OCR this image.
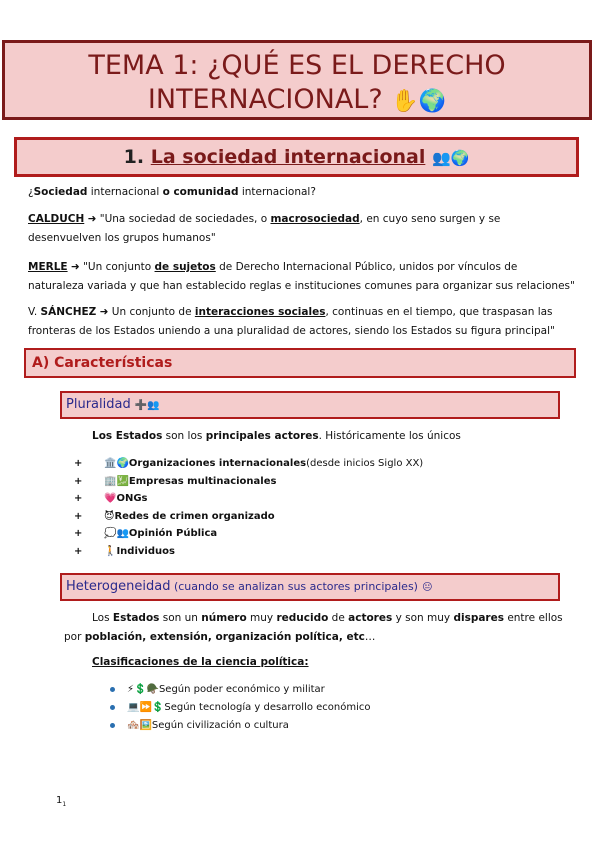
TEMA 1: ¿QUÉ ES EL DERECHO
INTERNACIONAL? ✋🌍
1. La sociedad internacional 👥🌍
¿Sociedad internacional o comunidad internacional?
CALDUCH ➜ "Una sociedad de sociedades, o macrosociedad, en cuyo seno surgen y se desenvuelven los grupos humanos"
MERLE ➜ "Un conjunto de sujetos de Derecho Internacional Público, unidos por vínculos de naturaleza variada y que han establecido reglas e instituciones comunes para organizar sus relaciones"
V. SÁNCHEZ ➜ Un conjunto de interacciones sociales, continuas en el tiempo, que traspasan las fronteras de los Estados uniendo a una pluralidad de actores, siendo los Estados su figura principal"
A) Características
Pluralidad ➕👥
Los Estados son los principales actores. Históricamente los únicos
+	🏛️🌍 Organizaciones internacionales (desde inicios Siglo XX)
+	🏢💹 Empresas multinacionales
+	💗 ONGs
+	😈 Redes de crimen organizado
+	💭👥 Opinión Pública
+	🚶 Individuos
Heterogeneidad (cuando se analizan sus actores principales) 😐
Los Estados son un número muy reducido de actores y son muy dispares entre ellos por población, extensión, organización política, etc…
Clasificaciones de la ciencia política:
⚡💲🪖Según poder económico y militar
💻⏩💲Según tecnología y desarrollo económico
🏘️🖼️Según civilización o cultura
$1_1$
